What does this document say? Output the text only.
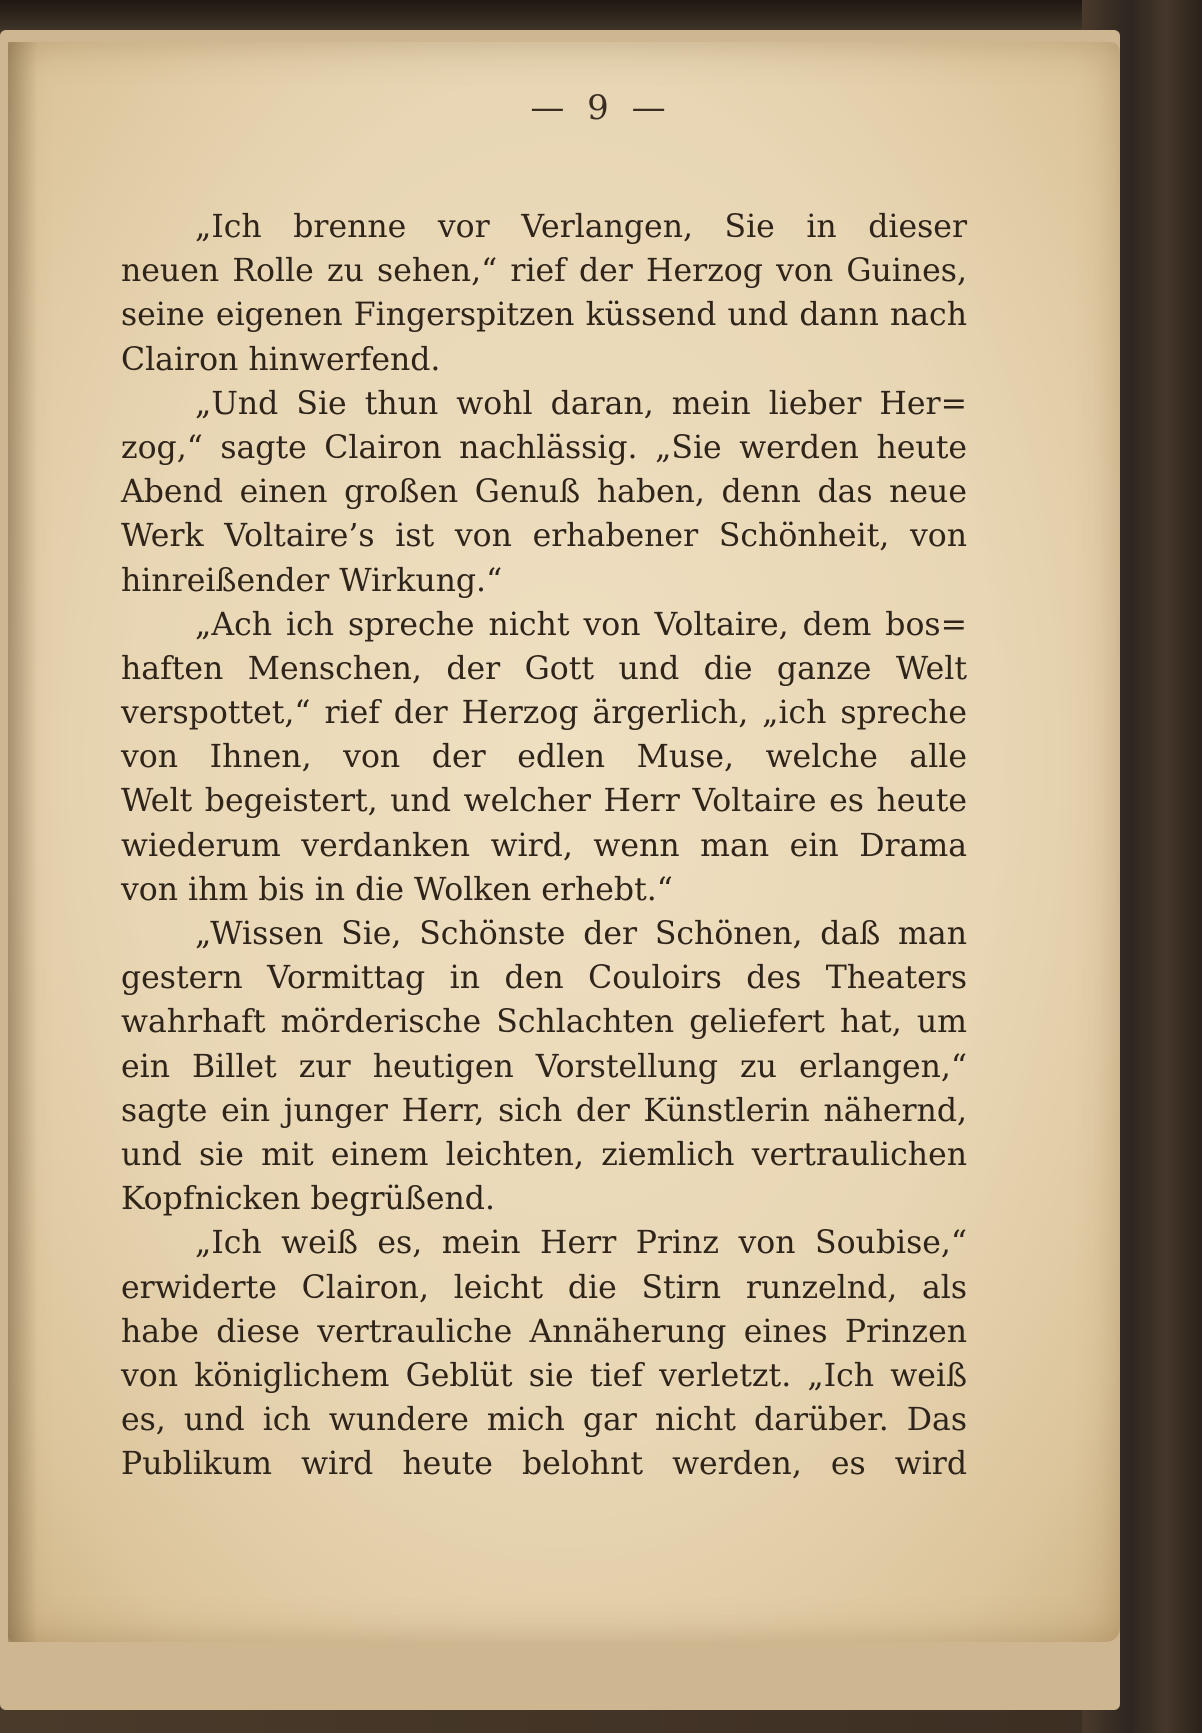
— 9 —
„Ich brenne vor Verlangen, Sie in dieser
neuen Rolle zu sehen,“ rief der Herzog von Guines,
seine eigenen Fingerspitzen küssend und dann nach
Clairon hinwerfend.
„Und Sie thun wohl daran, mein lieber Her=
zog,“ sagte Clairon nachlässig. „Sie werden heute
Abend einen großen Genuß haben, denn das neue
Werk Voltaire’s ist von erhabener Schönheit, von
hinreißender Wirkung.“
„Ach ich spreche nicht von Voltaire, dem bos=
haften Menschen, der Gott und die ganze Welt
verspottet,“ rief der Herzog ärgerlich, „ich spreche
von Ihnen, von der edlen Muse, welche alle
Welt begeistert, und welcher Herr Voltaire es heute
wiederum verdanken wird, wenn man ein Drama
von ihm bis in die Wolken erhebt.“
„Wissen Sie, Schönste der Schönen, daß man
gestern Vormittag in den Couloirs des Theaters
wahrhaft mörderische Schlachten geliefert hat, um
ein Billet zur heutigen Vorstellung zu erlangen,“
sagte ein junger Herr, sich der Künstlerin nähernd,
und sie mit einem leichten, ziemlich vertraulichen
Kopfnicken begrüßend.
„Ich weiß es, mein Herr Prinz von Soubise,“
erwiderte Clairon, leicht die Stirn runzelnd, als
habe diese vertrauliche Annäherung eines Prinzen
von königlichem Geblüt sie tief verletzt. „Ich weiß
es, und ich wundere mich gar nicht darüber. Das
Publikum wird heute belohnt werden, es wird
